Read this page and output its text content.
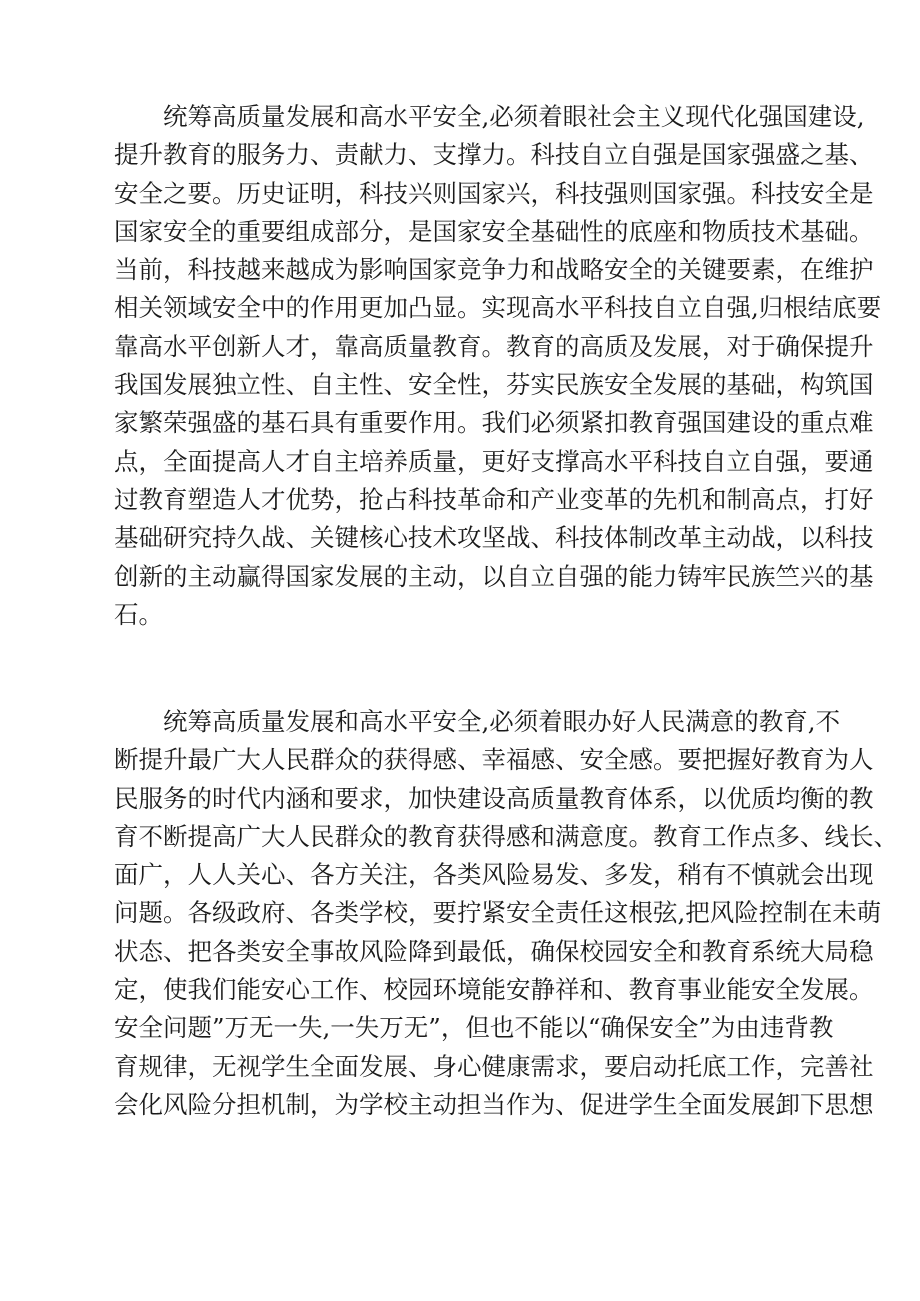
统筹高质量发展和高水平安全,必须着眼社会主义现代化强国建设,
提升教育的服务力、责献力、支撑力。科技自立自强是国家强盛之基、
安全之要。历史证明，科技兴则国家兴，科技强则国家强。科技安全是
国家安全的重要组成部分，是国家安全基础性的底座和物质技术基础。
当前，科技越来越成为影响国家竞争力和战略安全的关键要素，在维护
相关领域安全中的作用更加凸显。实现高水平科技自立自强,归根结底要
靠高水平创新人才，靠高质量教育。教育的高质及发展，对于确保提升
我国发展独立性、自主性、安全性，芬实民族安全发展的基础，构筑国
家繁荣强盛的基石具有重要作用。我们必须紧扣教育强国建设的重点难
点，全面提高人才自主培养质量，更好支撑高水平科技自立自强，要通
过教育塑造人才优势，抢占科技革命和产业变革的先机和制高点，打好
基础研究持久战、关键核心技术攻坚战、科技体制改革主动战，以科技
创新的主动赢得国家发展的主动，以自立自强的能力铸牢民族竺兴的基
石。

统筹高质量发展和高水平安全,必须着眼办好人民满意的教育,不
断提升最广大人民群众的获得感、幸福感、安全感。要把握好教育为人
民服务的时代内涵和要求，加快建设高质量教育体系，以优质均衡的教
育不断提高广大人民群众的教育获得感和满意度。教育工作点多、线长、
面广，人人关心、各方关注，各类风险易发、多发，稍有不慎就会出现
问题。各级政府、各类学校，要拧紧安全责任这根弦,把风险控制在未萌
状态、把各类安全事故风险降到最低，确保校园安全和教育系统大局稳
定，使我们能安心工作、校园环境能安静祥和、教育事业能安全发展。
安全问题”万无一失,一失万无”，但也不能以“确保安全”为由违背教
育规律，无视学生全面发展、身心健康需求，要启动托底工作，完善社
会化风险分担机制，为学校主动担当作为、促进学生全面发展卸下思想
